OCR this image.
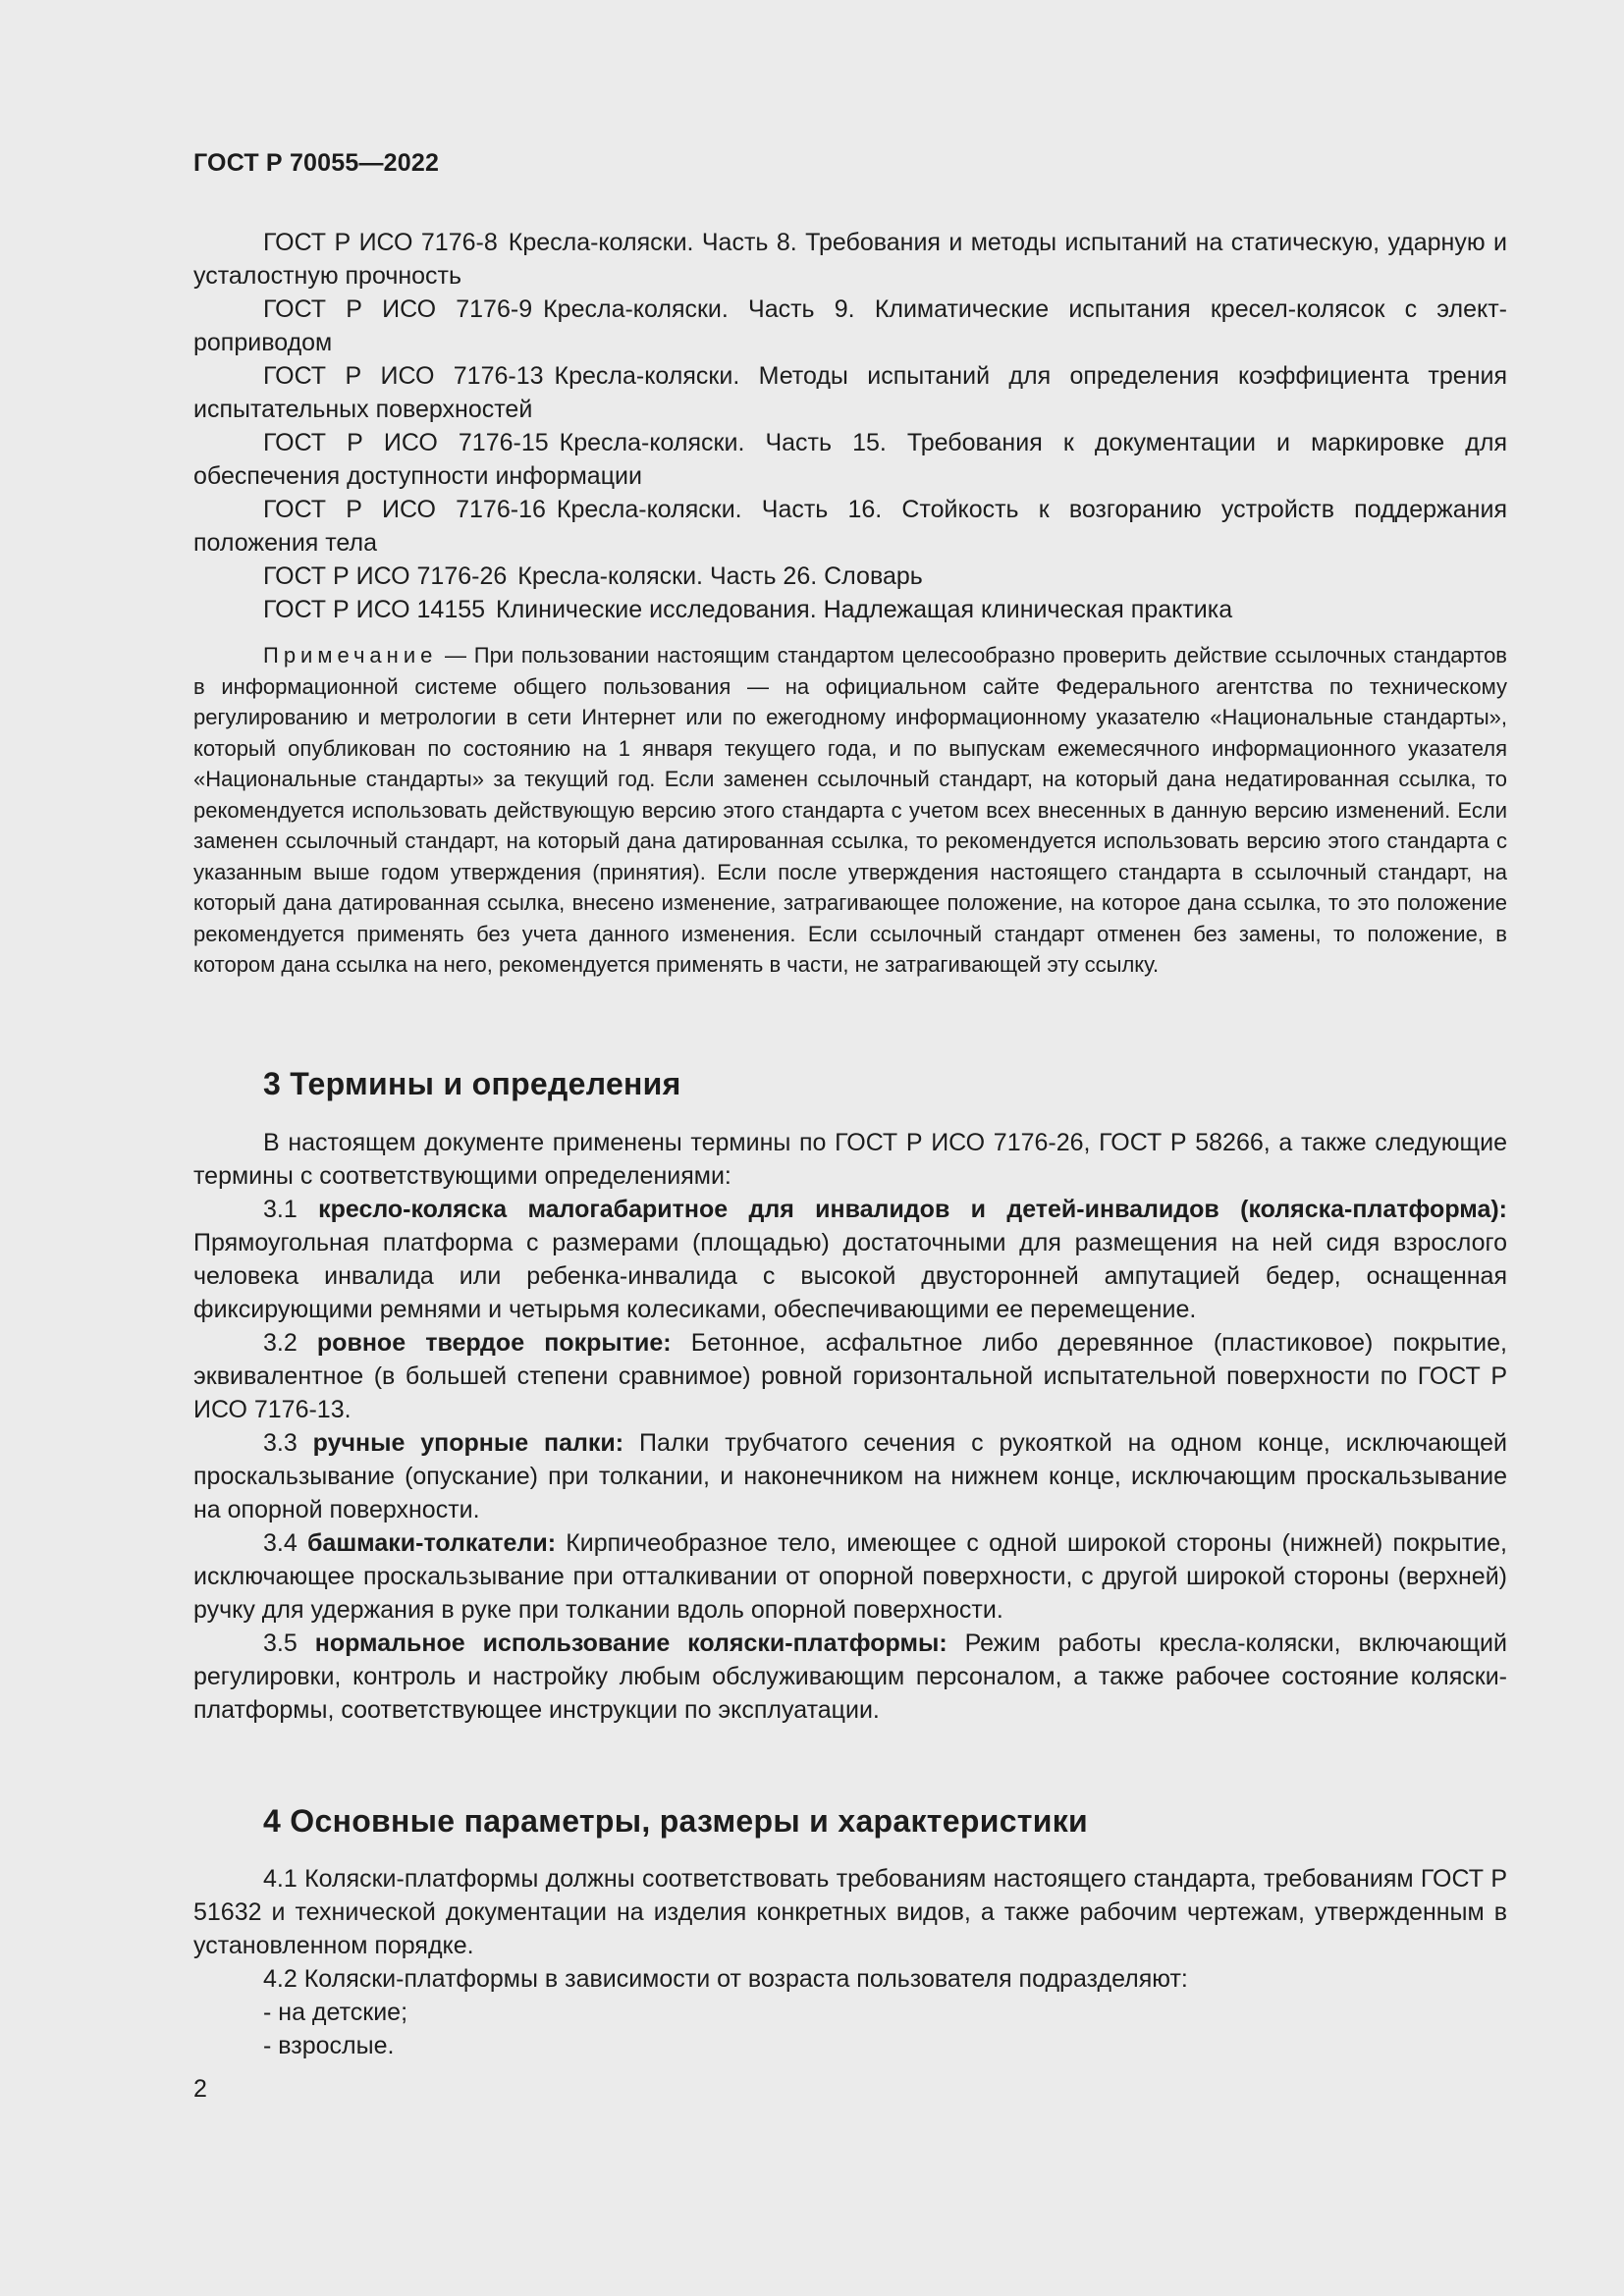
ГОСТ Р 70055—2022

ГОСТ Р ИСО 7176-8 Кресла-коляски. Часть 8. Требования и методы испытаний на статическую, ударную и усталостную прочность

ГОСТ Р ИСО 7176-9 Кресла-коляски. Часть 9. Климатические испытания кресел-колясок с электроприводом

ГОСТ Р ИСО 7176-13 Кресла-коляски. Методы испытаний для определения коэффициента трения испытательных поверхностей

ГОСТ Р ИСО 7176-15 Кресла-коляски. Часть 15. Требования к документации и маркировке для обеспечения доступности информации

ГОСТ Р ИСО 7176-16 Кресла-коляски. Часть 16. Стойкость к возгоранию устройств поддержания положения тела

ГОСТ Р ИСО 7176-26 Кресла-коляски. Часть 26. Словарь

ГОСТ Р ИСО 14155 Клинические исследования. Надлежащая клиническая практика

Примечание — При пользовании настоящим стандартом целесообразно проверить действие ссылочных стандартов в информационной системе общего пользования — на официальном сайте Федерального агентства по техническому регулированию и метрологии в сети Интернет или по ежегодному информационному указателю «Национальные стандарты», который опубликован по состоянию на 1 января текущего года, и по выпускам ежемесячного информационного указателя «Национальные стандарты» за текущий год. Если заменен ссылочный стандарт, на который дана недатированная ссылка, то рекомендуется использовать действующую версию этого стандарта с учетом всех внесенных в данную версию изменений. Если заменен ссылочный стандарт, на который дана датированная ссылка, то рекомендуется использовать версию этого стандарта с указанным выше годом утверждения (принятия). Если после утверждения настоящего стандарта в ссылочный стандарт, на который дана датированная ссылка, внесено изменение, затрагивающее положение, на которое дана ссылка, то это положение рекомендуется применять без учета данного изменения. Если ссылочный стандарт отменен без замены, то положение, в котором дана ссылка на него, рекомендуется применять в части, не затрагивающей эту ссылку.

3 Термины и определения

В настоящем документе применены термины по ГОСТ Р ИСО 7176-26, ГОСТ Р 58266, а также следующие термины с соответствующими определениями:

3.1 кресло-коляска малогабаритное для инвалидов и детей-инвалидов (коляска-платформа): Прямоугольная платформа с размерами (площадью) достаточными для размещения на ней сидя взрослого человека инвалида или ребенка-инвалида с высокой двусторонней ампутацией бедер, оснащенная фиксирующими ремнями и четырьмя колесиками, обеспечивающими ее перемещение.

3.2 ровное твердое покрытие: Бетонное, асфальтное либо деревянное (пластиковое) покрытие, эквивалентное (в большей степени сравнимое) ровной горизонтальной испытательной поверхности по ГОСТ Р ИСО 7176-13.

3.3 ручные упорные палки: Палки трубчатого сечения с рукояткой на одном конце, исключающей проскальзывание (опускание) при толкании, и наконечником на нижнем конце, исключающим проскальзывание на опорной поверхности.

3.4 башмаки-толкатели: Кирпичеобразное тело, имеющее с одной широкой стороны (нижней) покрытие, исключающее проскальзывание при отталкивании от опорной поверхности, с другой широкой стороны (верхней) ручку для удержания в руке при толкании вдоль опорной поверхности.

3.5 нормальное использование коляски-платформы: Режим работы кресла-коляски, включающий регулировки, контроль и настройку любым обслуживающим персоналом, а также рабочее состояние коляски-платформы, соответствующее инструкции по эксплуатации.

4 Основные параметры, размеры и характеристики

4.1 Коляски-платформы должны соответствовать требованиям настоящего стандарта, требованиям ГОСТ Р 51632 и технической документации на изделия конкретных видов, а также рабочим чертежам, утвержденным в установленном порядке.

4.2 Коляски-платформы в зависимости от возраста пользователя подразделяют:

- на детские;

- взрослые.

2
